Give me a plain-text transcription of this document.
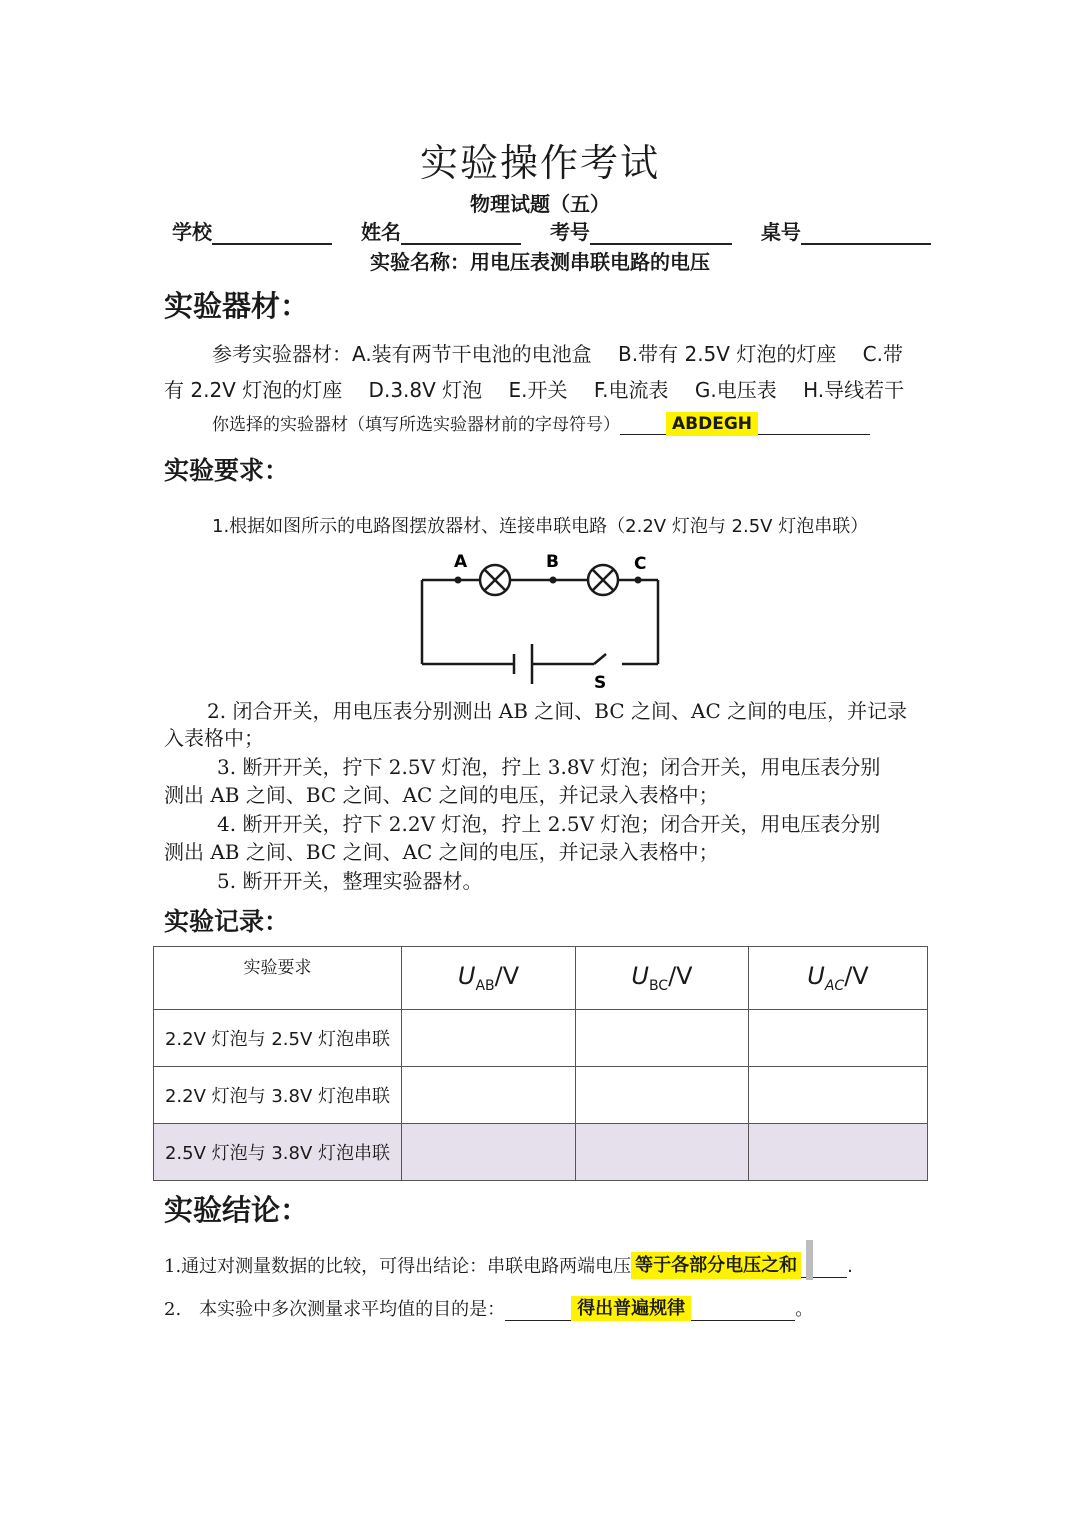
实验操作考试
物理试题（五）
学校	姓名	考号	桌号
实验名称：用电压表测串联电路的电压
实验器材：
参考实验器材：A.装有两节干电池的电池盒　 B.带有 2.5V 灯泡的灯座　 C.带
有 2.2V 灯泡的灯座　 D.3.8V 灯泡　 E.开关　 F.电流表　 G.电压表　 H.导线若干
你选择的实验器材（填写所选实验器材前的字母符号）	ABDEGH
实验要求：
1.根据如图所示的电路图摆放器材、连接串联电路（2.2V 灯泡与 2.5V 灯泡串联）
A	B	C
S
2. 闭合开关，用电压表分别测出 AB 之间、BC 之间、AC 之间的电压，并记录
入表格中；
3. 断开开关，拧下 2.5V 灯泡，拧上 3.8V 灯泡；闭合开关，用电压表分别
测出 AB 之间、BC 之间、AC 之间的电压，并记录入表格中；
4. 断开开关，拧下 2.2V 灯泡，拧上 2.5V 灯泡；闭合开关，用电压表分别
测出 AB 之间、BC 之间、AC 之间的电压，并记录入表格中；
5. 断开开关，整理实验器材。
实验记录：
实验要求	$U_{AB}/V$	$U_{BC}/V$	$U_{AC}/V$
2.2V 灯泡与 2.5V 灯泡串联			
2.2V 灯泡与 3.8V 灯泡串联			
2.5V 灯泡与 3.8V 灯泡串联			
实验结论：
1.通过对测量数据的比较，可得出结论：串联电路两端电压 等于各部分电压之和	.
2.　本实验中多次测量求平均值的目的是：	得出普遍规律	。
